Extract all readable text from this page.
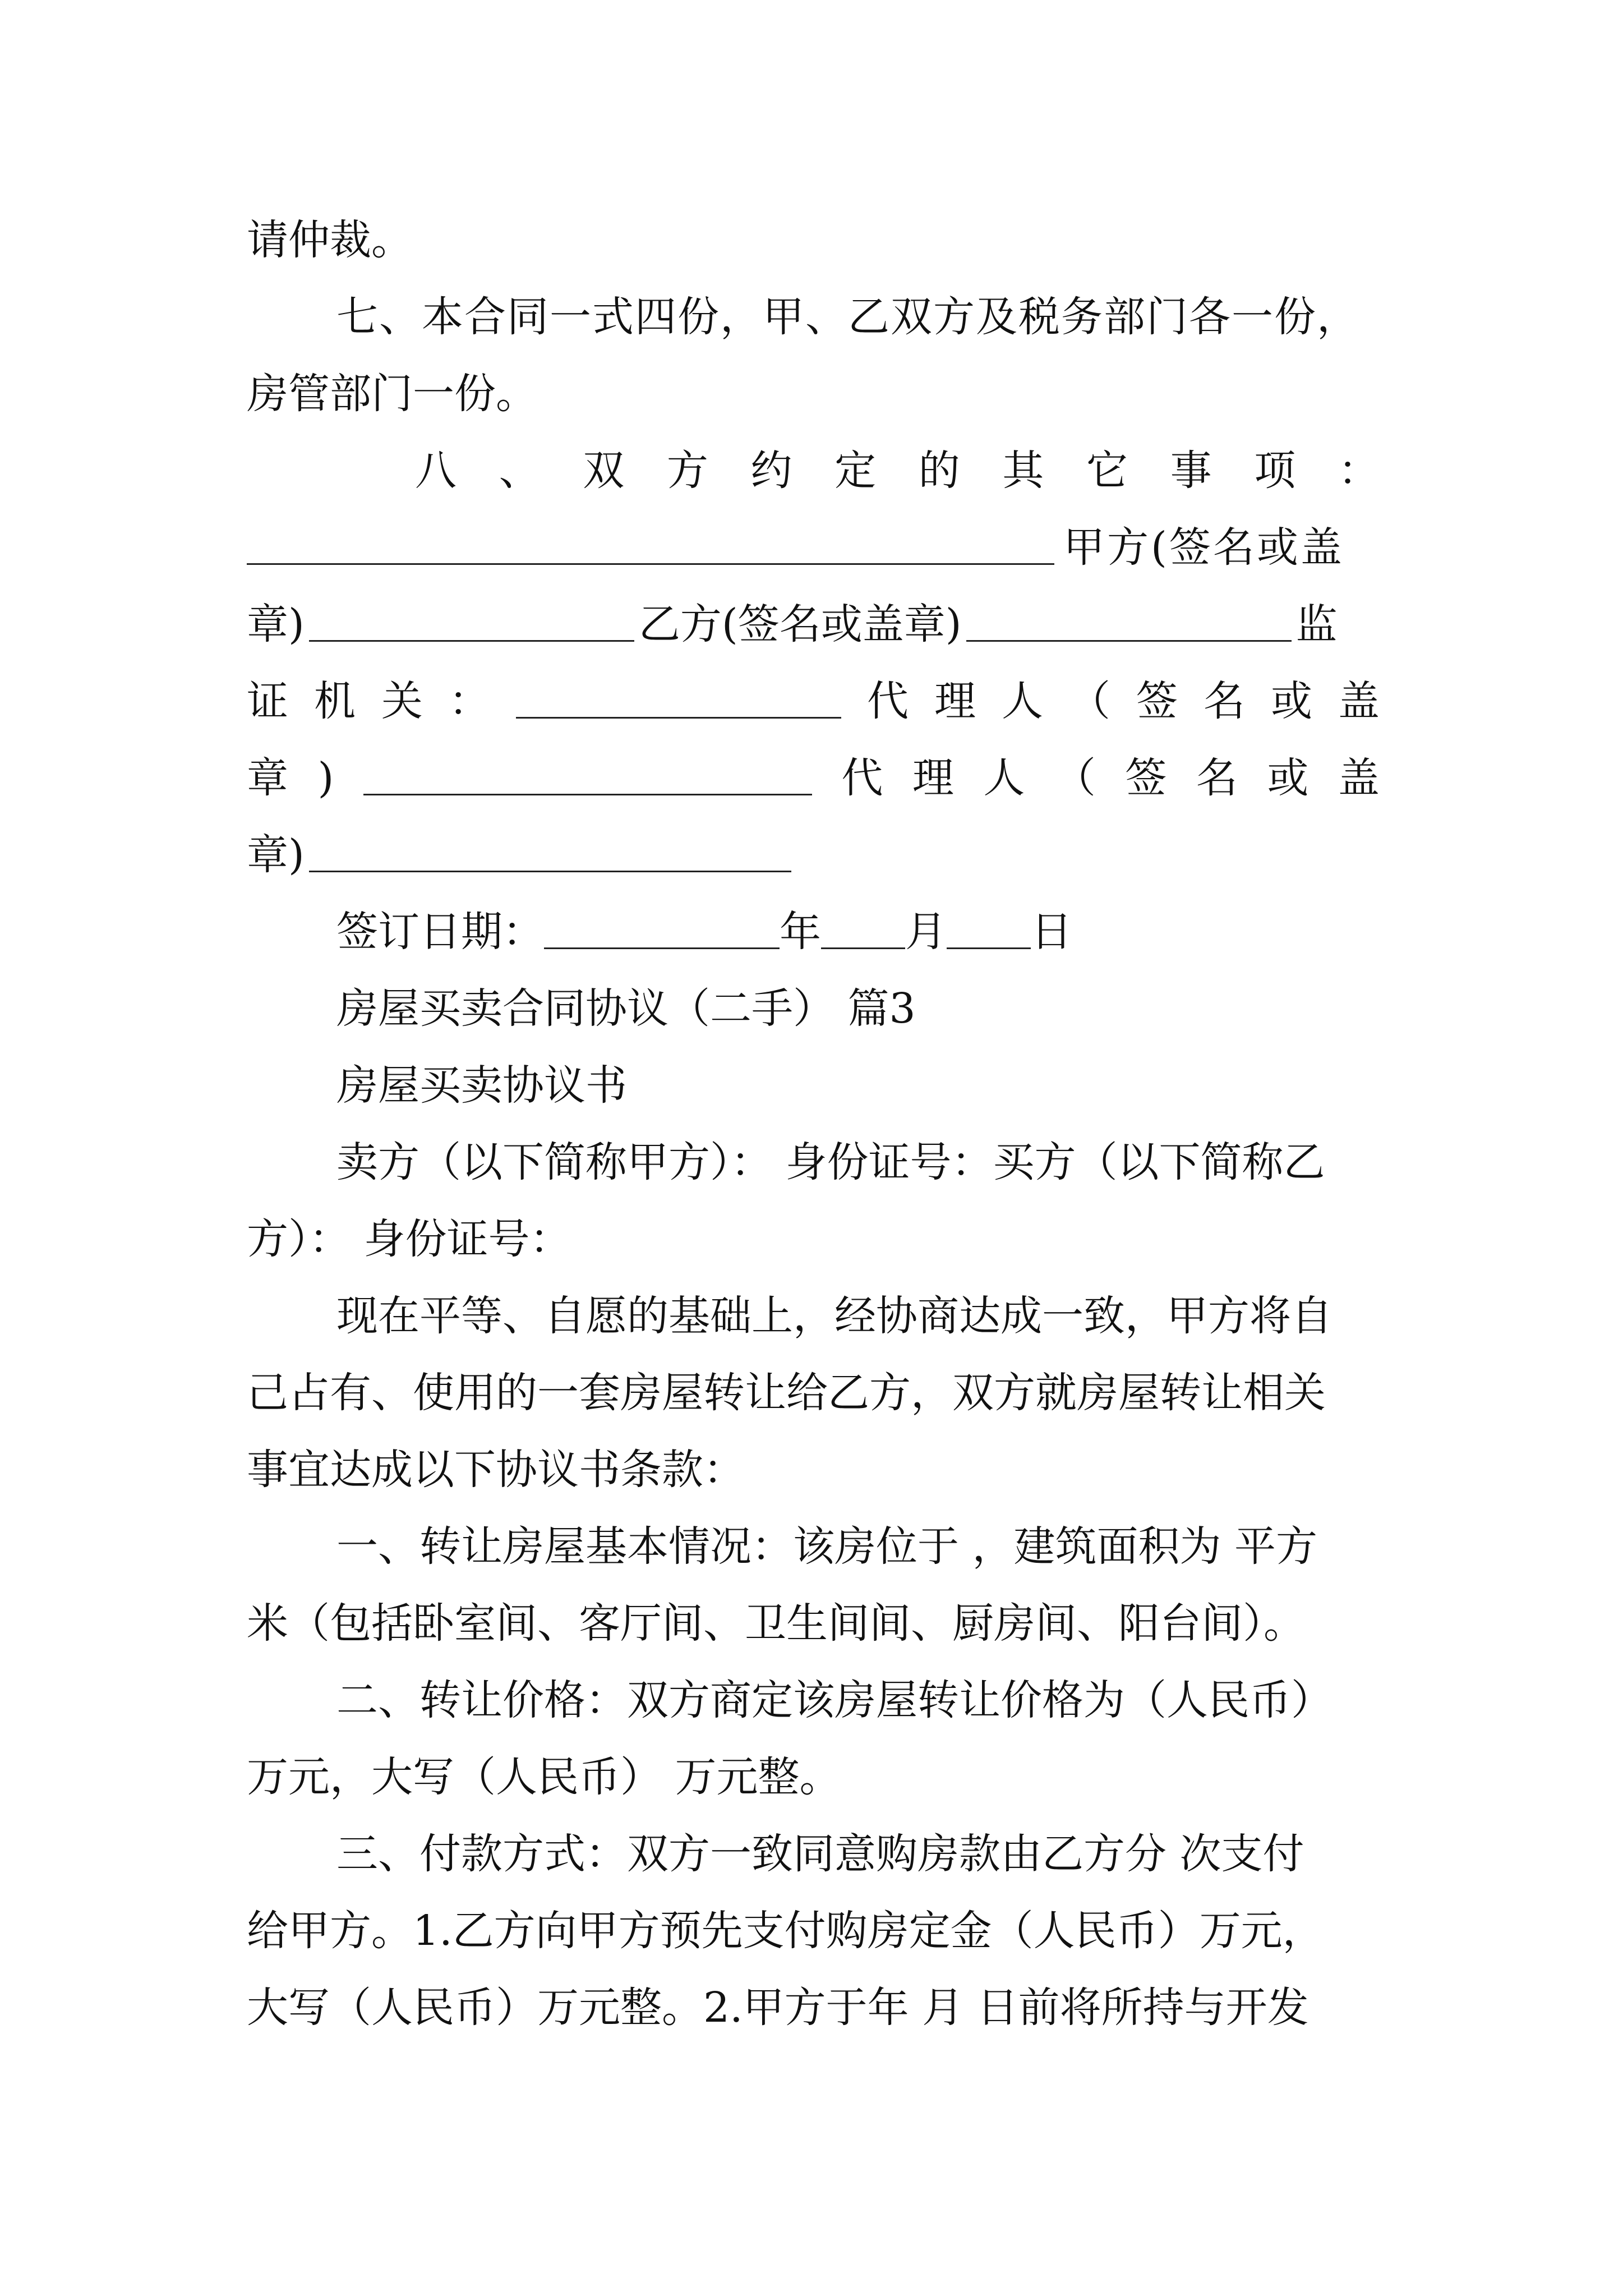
请仲裁。
七、本合同一式四份，甲、乙双方及税务部门各一份，
房管部门一份。
八 、 双 方 约 定 的 其 它 事 项 ：
甲方(签名或盖
章)	乙方(签名或盖章)	监
证 机 关 ：	代 理 人 （ 签 名 或 盖
章 )	代 理 人 （ 签 名 或 盖
章)
签订日期：	年 月 日
房屋买卖合同协议（二手） 篇3
房屋买卖协议书
卖方（以下简称甲方）： 身份证号：买方（以下简称乙
方）： 身份证号：
现在平等、自愿的基础上，经协商达成一致，甲方将自
己占有、使用的一套房屋转让给乙方，双方就房屋转让相关
事宜达成以下协议书条款：
一、转让房屋基本情况：该房位于 ，建筑面积为 平方
米（包括卧室间、客厅间、卫生间间、厨房间、阳台间）。
二、转让价格：双方商定该房屋转让价格为（人民币）
万元，大写（人民币） 万元整。
三、付款方式：双方一致同意购房款由乙方分 次支付
给甲方。1.乙方向甲方预先支付购房定金（人民币）万元，
大写（人民币）万元整。2.甲方于年 月 日前将所持与开发
